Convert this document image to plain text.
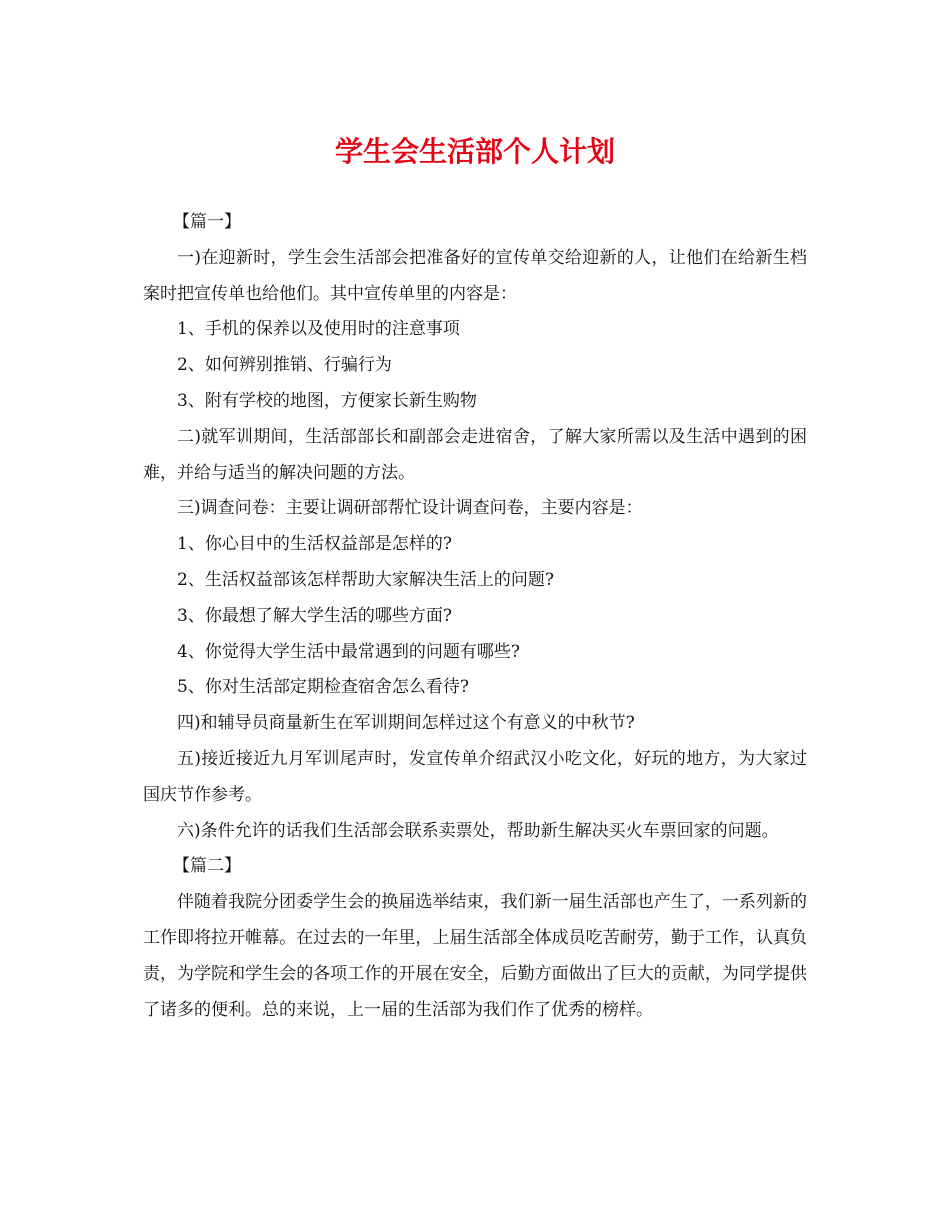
学生会生活部个人计划

【篇一】

一)在迎新时，学生会生活部会把准备好的宣传单交给迎新的人，让他们在给新生档案时把宣传单也给他们。其中宣传单里的内容是：

1、手机的保养以及使用时的注意事项

2、如何辨别推销、行骗行为

3、附有学校的地图，方便家长新生购物

二)就军训期间，生活部部长和副部会走进宿舍，了解大家所需以及生活中遇到的困难，并给与适当的解决问题的方法。

三)调查问卷：主要让调研部帮忙设计调查问卷，主要内容是：

1、你心目中的生活权益部是怎样的?

2、生活权益部该怎样帮助大家解决生活上的问题?

3、你最想了解大学生活的哪些方面?

4、你觉得大学生活中最常遇到的问题有哪些?

5、你对生活部定期检查宿舍怎么看待?

四)和辅导员商量新生在军训期间怎样过这个有意义的中秋节?

五)接近接近九月军训尾声时，发宣传单介绍武汉小吃文化，好玩的地方，为大家过国庆节作参考。

六)条件允许的话我们生活部会联系卖票处，帮助新生解决买火车票回家的问题。

【篇二】

伴随着我院分团委学生会的换届选举结束，我们新一届生活部也产生了，一系列新的工作即将拉开帷幕。在过去的一年里，上届生活部全体成员吃苦耐劳，勤于工作，认真负责，为学院和学生会的各项工作的开展在安全，后勤方面做出了巨大的贡献，为同学提供了诸多的便利。总的来说，上一届的生活部为我们作了优秀的榜样。
